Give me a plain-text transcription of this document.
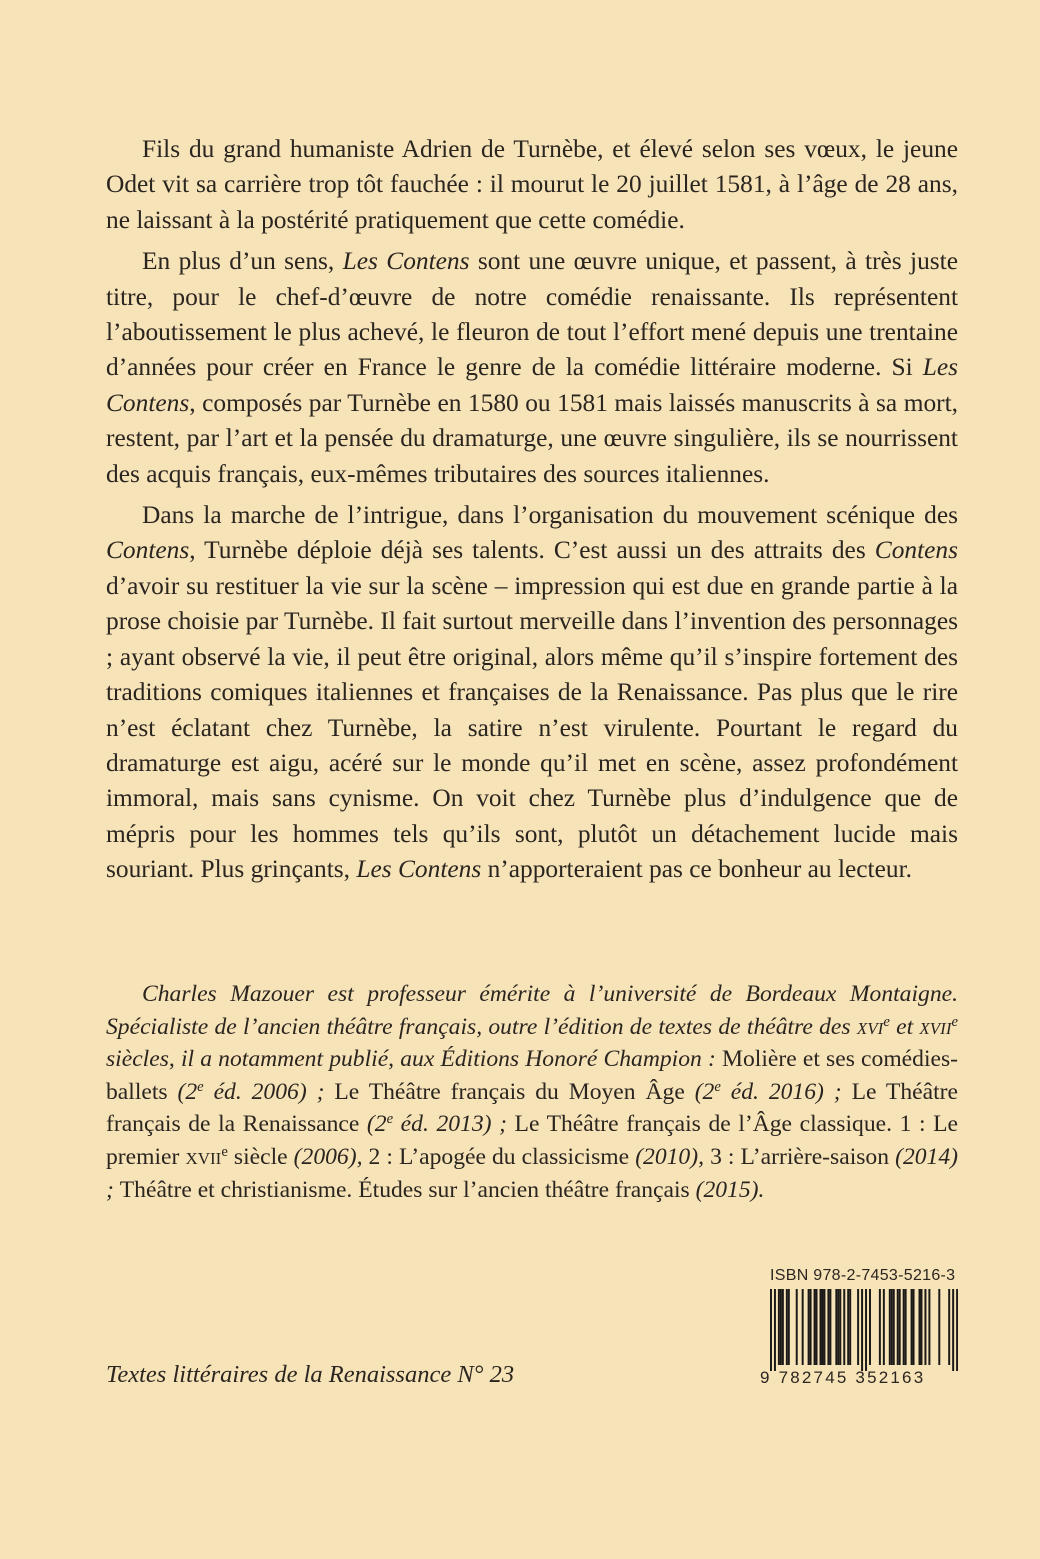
Fils du grand humaniste Adrien de Turnèbe, et élevé selon ses vœux, le jeune Odet vit sa carrière trop tôt fauchée : il mourut le 20 juillet 1581, à l’âge de 28 ans, ne laissant à la postérité pratiquement que cette comédie.

En plus d’un sens, Les Contens sont une œuvre unique, et passent, à très juste titre, pour le chef-d’œuvre de notre comédie renaissante. Ils représentent l’aboutissement le plus achevé, le fleuron de tout l’effort mené depuis une trentaine d’années pour créer en France le genre de la comédie littéraire moderne. Si Les Contens, composés par Turnèbe en 1580 ou 1581 mais laissés manuscrits à sa mort, restent, par l’art et la pensée du dramaturge, une œuvre singulière, ils se nourrissent des acquis français, eux-mêmes tributaires des sources italiennes.

Dans la marche de l’intrigue, dans l’organisation du mouvement scénique des Contens, Turnèbe déploie déjà ses talents. C’est aussi un des attraits des Contens d’avoir su restituer la vie sur la scène – impression qui est due en grande partie à la prose choisie par Turnèbe. Il fait surtout merveille dans l’invention des personnages ; ayant observé la vie, il peut être original, alors même qu’il s’inspire fortement des traditions comiques italiennes et françaises de la Renaissance. Pas plus que le rire n’est éclatant chez Turnèbe, la satire n’est virulente. Pourtant le regard du dramaturge est aigu, acéré sur le monde qu’il met en scène, assez profondément immoral, mais sans cynisme. On voit chez Turnèbe plus d’indulgence que de mépris pour les hommes tels qu’ils sont, plutôt un détachement lucide mais souriant. Plus grinçants, Les Contens n’apporteraient pas ce bonheur au lecteur.

Charles Mazouer est professeur émérite à l’université de Bordeaux Montaigne. Spécialiste de l’ancien théâtre français, outre l’édition de textes de théâtre des xvi$^e$ et xvii$^e$ siècles, il a notamment publié, aux Éditions Honoré Champion : Molière et ses comédies-ballets (2e éd. 2006) ; Le Théâtre français du Moyen Âge (2e éd. 2016) ; Le Théâtre français de la Renaissance (2e éd. 2013) ; Le Théâtre français de l’Âge classique. 1 : Le premier xvii$^e$ siècle (2006), 2 : L’apogée du classicisme (2010), 3 : L’arrière-saison (2014) ; Théâtre et christianisme. Études sur l’ancien théâtre français (2015).

Textes littéraires de la Renaissance N° 23
ISBN 978-2-7453-5216-3
9 782745 352163
